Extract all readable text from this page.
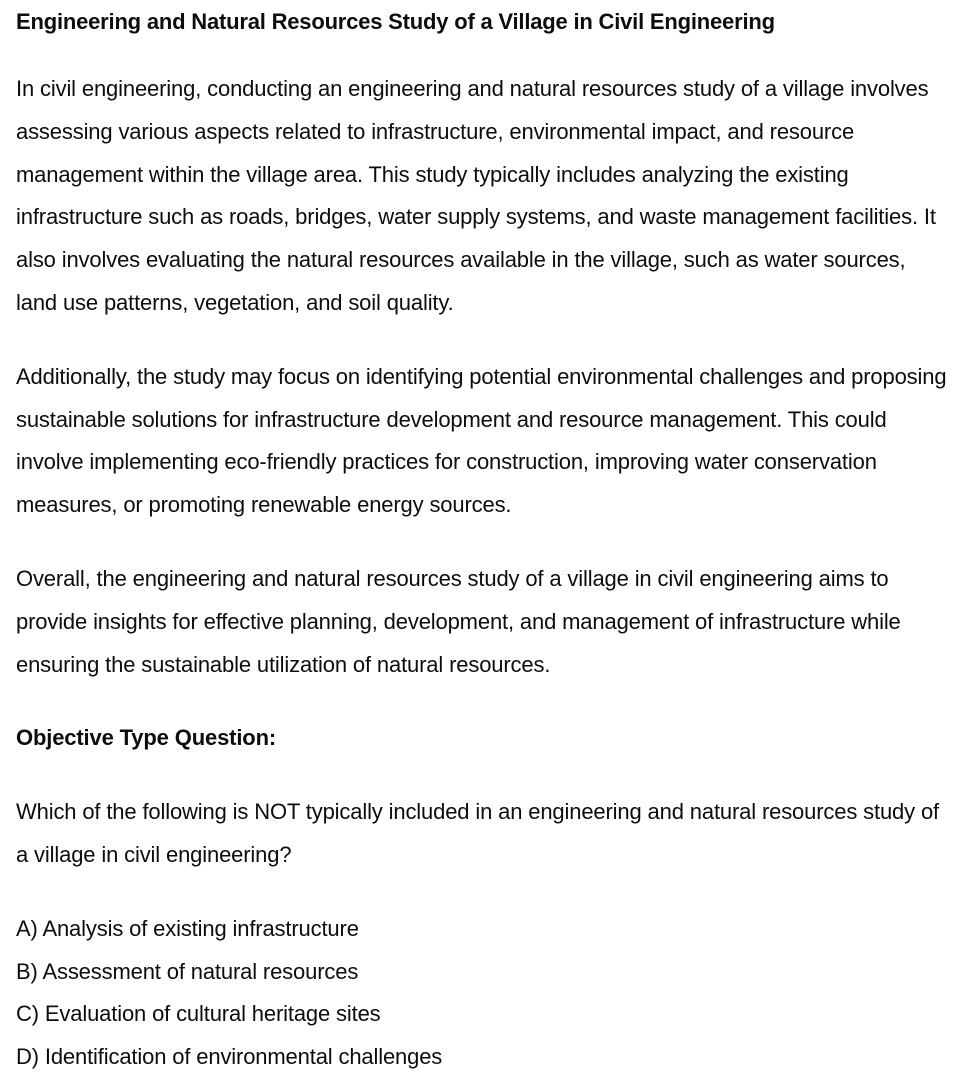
Engineering and Natural Resources Study of a Village in Civil Engineering

In civil engineering, conducting an engineering and natural resources study of a village involves assessing various aspects related to infrastructure, environmental impact, and resource management within the village area. This study typically includes analyzing the existing infrastructure such as roads, bridges, water supply systems, and waste management facilities. It also involves evaluating the natural resources available in the village, such as water sources, land use patterns, vegetation, and soil quality.

Additionally, the study may focus on identifying potential environmental challenges and proposing sustainable solutions for infrastructure development and resource management. This could involve implementing eco-friendly practices for construction, improving water conservation measures, or promoting renewable energy sources.

Overall, the engineering and natural resources study of a village in civil engineering aims to provide insights for effective planning, development, and management of infrastructure while ensuring the sustainable utilization of natural resources.

Objective Type Question:

Which of the following is NOT typically included in an engineering and natural resources study of a village in civil engineering?

A) Analysis of existing infrastructure
B) Assessment of natural resources
C) Evaluation of cultural heritage sites
D) Identification of environmental challenges
